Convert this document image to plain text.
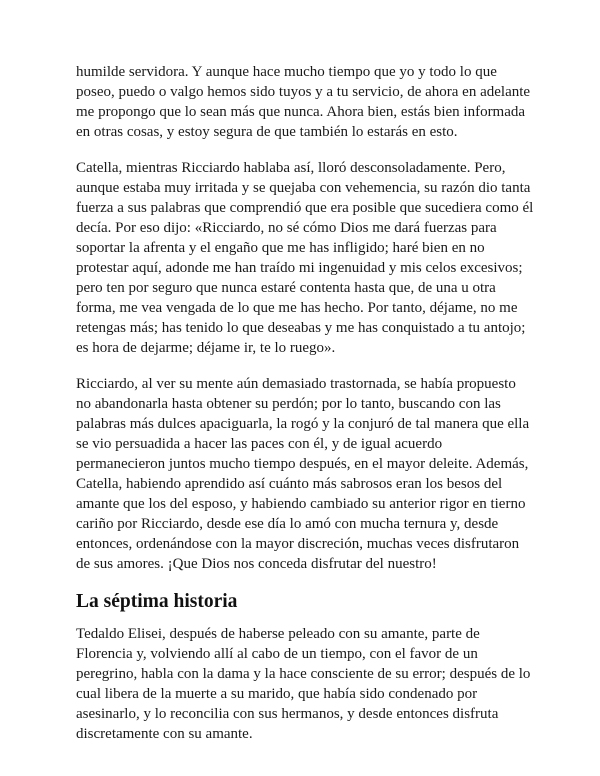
humilde servidora. Y aunque hace mucho tiempo que yo y todo lo que poseo, puedo o valgo hemos sido tuyos y a tu servicio, de ahora en adelante me propongo que lo sean más que nunca. Ahora bien, estás bien informada en otras cosas, y estoy segura de que también lo estarás en esto.

Catella, mientras Ricciardo hablaba así, lloró desconsoladamente. Pero, aunque estaba muy irritada y se quejaba con vehemencia, su razón dio tanta fuerza a sus palabras que comprendió que era posible que sucediera como él decía. Por eso dijo: «Ricciardo, no sé cómo Dios me dará fuerzas para soportar la afrenta y el engaño que me has infligido; haré bien en no protestar aquí, adonde me han traído mi ingenuidad y mis celos excesivos; pero ten por seguro que nunca estaré contenta hasta que, de una u otra forma, me vea vengada de lo que me has hecho. Por tanto, déjame, no me retengas más; has tenido lo que deseabas y me has conquistado a tu antojo; es hora de dejarme; déjame ir, te lo ruego».

Ricciardo, al ver su mente aún demasiado trastornada, se había propuesto no abandonarla hasta obtener su perdón; por lo tanto, buscando con las palabras más dulces apaciguarla, la rogó y la conjuró de tal manera que ella se vio persuadida a hacer las paces con él, y de igual acuerdo permanecieron juntos mucho tiempo después, en el mayor deleite. Además, Catella, habiendo aprendido así cuánto más sabrosos eran los besos del amante que los del esposo, y habiendo cambiado su anterior rigor en tierno cariño por Ricciardo, desde ese día lo amó con mucha ternura y, desde entonces, ordenándose con la mayor discreción, muchas veces disfrutaron de sus amores. ¡Que Dios nos conceda disfrutar del nuestro!

La séptima historia

Tedaldo Elisei, después de haberse peleado con su amante, parte de Florencia y, volviendo allí al cabo de un tiempo, con el favor de un peregrino, habla con la dama y la hace consciente de su error; después de lo cual libera de la muerte a su marido, que había sido condenado por asesinarlo, y lo reconcilia con sus hermanos, y desde entonces disfruta discretamente con su amante.
